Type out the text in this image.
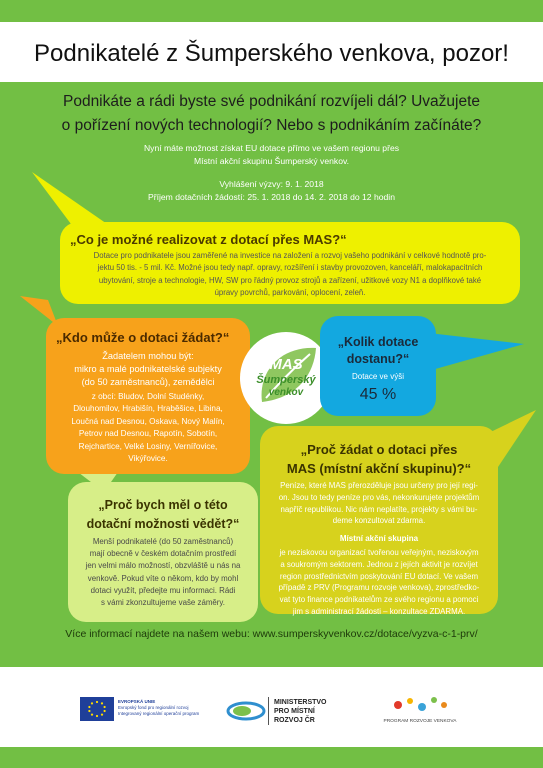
Podnikatelé z Šumperského venkova, pozor!
Podnikáte a rádi byste své podnikání rozvíjeli dál? Uvažujete
o pořízení nových technologií? Nebo s podnikáním začínáte?
Nyní máte možnost získat EU dotace přímo ve vašem regionu přes
Místní akční skupinu Šumperský venkov.
Vyhlášení výzvy: 9. 1. 2018
Příjem dotačních žádostí: 25. 1. 2018 do 14. 2. 2018 do 12 hodin
„Co je možné realizovat z dotací přes MAS?“
Dotace pro podnikatele jsou zaměřené na investice na založení a rozvoj vašeho podnikání v celkové hodnotě pro-
jektu 50 tis. - 5 mil. Kč. Možné jsou tedy např. opravy, rozšíření i stavby provozoven, kanceláří, malokapacitních
ubytování, stroje a technologie, HW, SW pro řádný provoz strojů a zařízení, užitkové vozy N1 a doplňkové také
úpravy povrchů, parkování, oplocení, zeleň.
„Kdo může o dotaci žádat?“
Žadatelem mohou být:
mikro a malé podnikatelské subjekty
(do 50 zaměstnanců), zemědělci
z obcí: Bludov, Dolní Studénky,
Dlouhomilov, Hrabišín, Hraběšice, Libina,
Loučná nad Desnou, Oskava, Nový Malín,
Petrov nad Desnou, Rapotín, Sobotín,
Rejchartice, Velké Losiny, Vernířovice,
Vikýřovice.
MAS
Šumperský
venkov
„Kolik dotace
dostanu?“
Dotace ve výši
45 %
„Proč žádat o dotaci přes
MAS (místní akční skupinu)?“
Peníze, které MAS přerozděluje jsou určeny pro její regi-
on. Jsou to tedy peníze pro vás, nekonkurujete projektům
napříč republikou. Nic nám neplatíte, projekty s vámi bu-
deme konzultovat zdarma.
Místní akční skupina
je neziskovou organizací tvořenou veřejným, neziskovým
a soukromým sektorem. Jednou z jejích aktivit je rozvíjet
region prostřednictvím poskytování EU dotací. Ve vašem
případě z PRV (Programu rozvoje venkova), zprostředko-
vat tyto finance podnikatelům ze svého regionu a pomoci
jim s administrací žádosti – konzultace ZDARMA.
„Proč bych měl o této
dotační možnosti vědět?“
Menší podnikatelé (do 50 zaměstnanců)
mají obecně v českém dotačním prostředí
jen velmi málo možností, obzvláště u nás na
venkově. Pokud víte o někom, kdo by mohl
dotaci využít, předejte mu informaci. Rádi
s vámi zkonzultujeme vaše záměry.
Více informací najdete na našem webu: www.sumperskyvenkov.cz/dotace/vyzva-c-1-prv/
EVROPSKÁ UNIE
Evropský fond pro regionální rozvoj
Integrovaný regionální operační program
MINISTERSTVO
PRO MÍSTNÍ
ROZVOJ ČR	PROGRAM ROZVOJE VENKOVA
